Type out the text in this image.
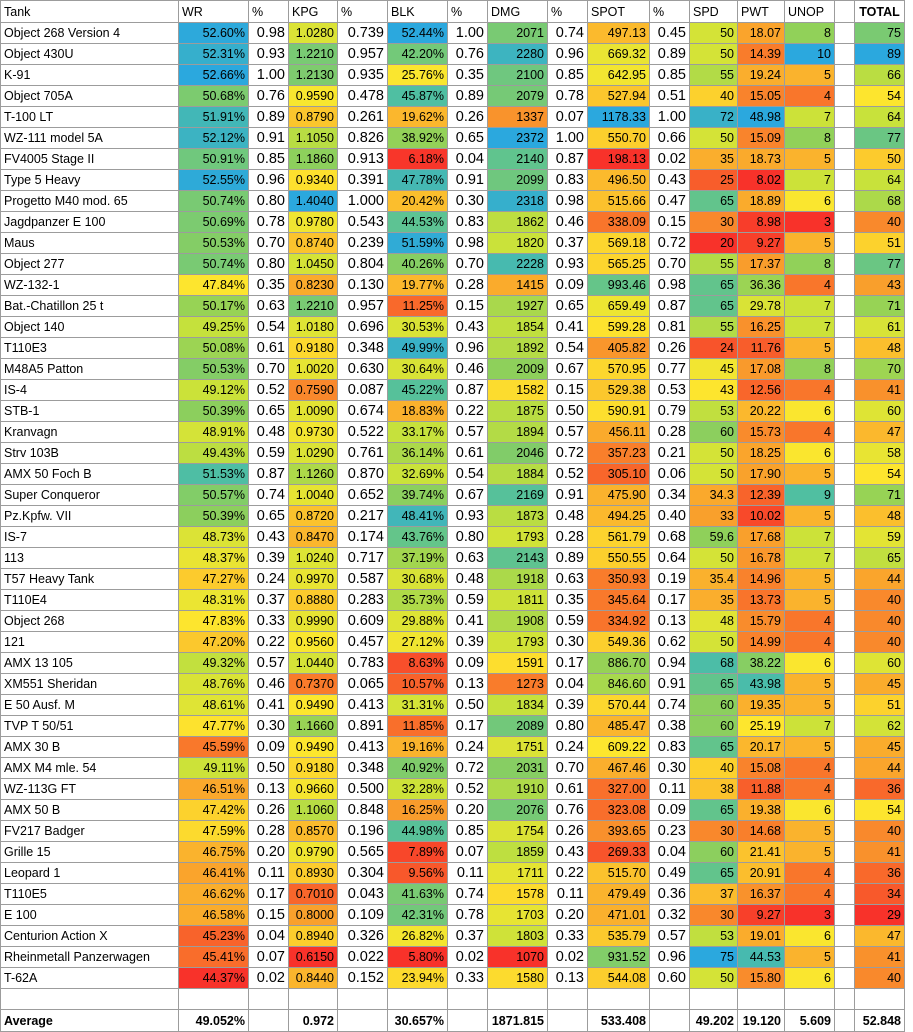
Tank	WR	%	KPG	%	BLK	%	DMG	%	SPOT	%	SPD	PWT	UNOP		TOTAL
Object 268 Version 4	52.60%	0.98	1.0280	0.739	52.44%	1.00	2071	0.74	497.13	0.45	50	18.07	8		75
Object 430U	52.31%	0.93	1.2210	0.957	42.20%	0.76	2280	0.96	669.32	0.89	50	14.39	10		89
K-91	52.66%	1.00	1.2130	0.935	25.76%	0.35	2100	0.85	642.95	0.85	55	19.24	5		66
Object 705A	50.68%	0.76	0.9590	0.478	45.87%	0.89	2079	0.78	527.94	0.51	40	15.05	4		54
T-100 LT	51.91%	0.89	0.8790	0.261	19.62%	0.26	1337	0.07	1178.33	1.00	72	48.98	7		64
WZ-111 model 5A	52.12%	0.91	1.1050	0.826	38.92%	0.65	2372	1.00	550.70	0.66	50	15.09	8		77
FV4005 Stage II	50.91%	0.85	1.1860	0.913	6.18%	0.04	2140	0.87	198.13	0.02	35	18.73	5		50
Type 5 Heavy	52.55%	0.96	0.9340	0.391	47.78%	0.91	2099	0.83	496.50	0.43	25	8.02	7		64
Progetto M40 mod. 65	50.74%	0.80	1.4040	1.000	20.42%	0.30	2318	0.98	515.66	0.47	65	18.89	6		68
Jagdpanzer E 100	50.69%	0.78	0.9780	0.543	44.53%	0.83	1862	0.46	338.09	0.15	30	8.98	3		40
Maus	50.53%	0.70	0.8740	0.239	51.59%	0.98	1820	0.37	569.18	0.72	20	9.27	5		51
Object 277	50.74%	0.80	1.0450	0.804	40.26%	0.70	2228	0.93	565.25	0.70	55	17.37	8		77
WZ-132-1	47.84%	0.35	0.8230	0.130	19.77%	0.28	1415	0.09	993.46	0.98	65	36.36	4		43
Bat.-Chatillon 25 t	50.17%	0.63	1.2210	0.957	11.25%	0.15	1927	0.65	659.49	0.87	65	29.78	7		71
Object 140	49.25%	0.54	1.0180	0.696	30.53%	0.43	1854	0.41	599.28	0.81	55	16.25	7		61
T110E3	50.08%	0.61	0.9180	0.348	49.99%	0.96	1892	0.54	405.82	0.26	24	11.76	5		48
M48A5 Patton	50.53%	0.70	1.0020	0.630	30.64%	0.46	2009	0.67	570.95	0.77	45	17.08	8		70
IS-4	49.12%	0.52	0.7590	0.087	45.22%	0.87	1582	0.15	529.38	0.53	43	12.56	4		41
STB-1	50.39%	0.65	1.0090	0.674	18.83%	0.22	1875	0.50	590.91	0.79	53	20.22	6		60
Kranvagn	48.91%	0.48	0.9730	0.522	33.17%	0.57	1894	0.57	456.11	0.28	60	15.73	4		47
Strv 103B	49.43%	0.59	1.0290	0.761	36.14%	0.61	2046	0.72	357.23	0.21	50	18.25	6		58
AMX 50 Foch B	51.53%	0.87	1.1260	0.870	32.69%	0.54	1884	0.52	305.10	0.06	50	17.90	5		54
Super Conqueror	50.57%	0.74	1.0040	0.652	39.74%	0.67	2169	0.91	475.90	0.34	34.3	12.39	9		71
Pz.Kpfw. VII	50.39%	0.65	0.8720	0.217	48.41%	0.93	1873	0.48	494.25	0.40	33	10.02	5		48
IS-7	48.73%	0.43	0.8470	0.174	43.76%	0.80	1793	0.28	561.79	0.68	59.6	17.68	7		59
113	48.37%	0.39	1.0240	0.717	37.19%	0.63	2143	0.89	550.55	0.64	50	16.78	7		65
T57 Heavy Tank	47.27%	0.24	0.9970	0.587	30.68%	0.48	1918	0.63	350.93	0.19	35.4	14.96	5		44
T110E4	48.31%	0.37	0.8880	0.283	35.73%	0.59	1811	0.35	345.64	0.17	35	13.73	5		40
Object 268	47.83%	0.33	0.9990	0.609	29.88%	0.41	1908	0.59	334.92	0.13	48	15.79	4		40
121	47.20%	0.22	0.9560	0.457	27.12%	0.39	1793	0.30	549.36	0.62	50	14.99	4		40
AMX 13 105	49.32%	0.57	1.0440	0.783	8.63%	0.09	1591	0.17	886.70	0.94	68	38.22	6		60
XM551 Sheridan	48.76%	0.46	0.7370	0.065	10.57%	0.13	1273	0.04	846.60	0.91	65	43.98	5		45
E 50 Ausf. M	48.61%	0.41	0.9490	0.413	31.31%	0.50	1834	0.39	570.44	0.74	60	19.35	5		51
TVP T 50/51	47.77%	0.30	1.1660	0.891	11.85%	0.17	2089	0.80	485.47	0.38	60	25.19	7		62
AMX 30 B	45.59%	0.09	0.9490	0.413	19.16%	0.24	1751	0.24	609.22	0.83	65	20.17	5		45
AMX M4 mle. 54	49.11%	0.50	0.9180	0.348	40.92%	0.72	2031	0.70	467.46	0.30	40	15.08	4		44
WZ-113G FT	46.51%	0.13	0.9660	0.500	32.28%	0.52	1910	0.61	327.00	0.11	38	11.88	4		36
AMX 50 B	47.42%	0.26	1.1060	0.848	16.25%	0.20	2076	0.76	323.08	0.09	65	19.38	6		54
FV217 Badger	47.59%	0.28	0.8570	0.196	44.98%	0.85	1754	0.26	393.65	0.23	30	14.68	5		40
Grille 15	46.75%	0.20	0.9790	0.565	7.89%	0.07	1859	0.43	269.33	0.04	60	21.41	5		41
Leopard 1	46.41%	0.11	0.8930	0.304	9.56%	0.11	1711	0.22	515.70	0.49	65	20.91	4		36
T110E5	46.62%	0.17	0.7010	0.043	41.63%	0.74	1578	0.11	479.49	0.36	37	16.37	4		34
E 100	46.58%	0.15	0.8000	0.109	42.31%	0.78	1703	0.20	471.01	0.32	30	9.27	3		29
Centurion Action X	45.23%	0.04	0.8940	0.326	26.82%	0.37	1803	0.33	535.79	0.57	53	19.01	6		47
Rheinmetall Panzerwagen	45.41%	0.07	0.6150	0.022	5.80%	0.02	1070	0.02	931.52	0.96	75	44.53	5		41
T-62A	44.37%	0.02	0.8440	0.152	23.94%	0.33	1580	0.13	544.08	0.60	50	15.80	6		40

Average	49.052%		0.972		30.657%		1871.815		533.408		49.202	19.120	5.609		52.848
